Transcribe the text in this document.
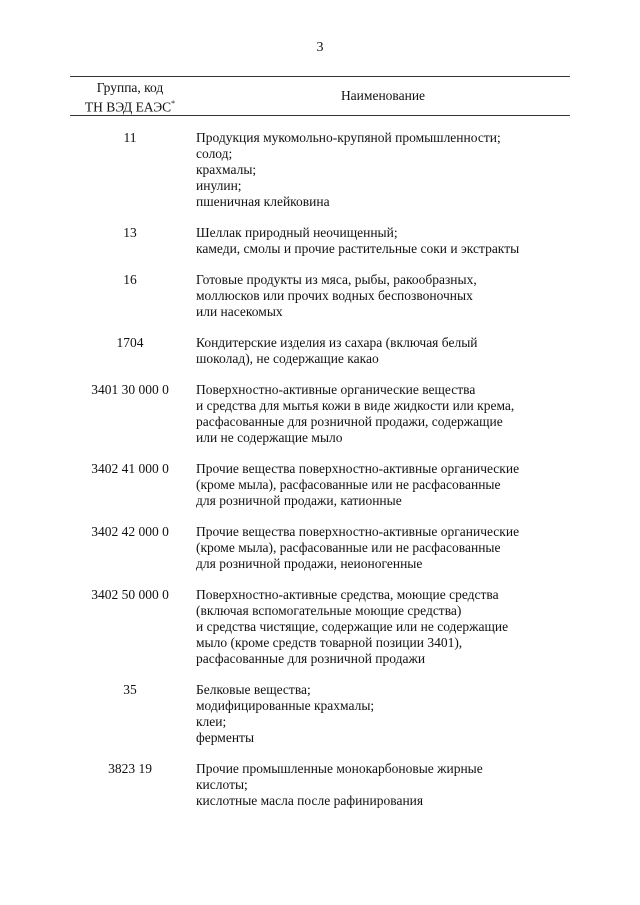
3
Группа, код
ТН ВЭД ЕАЭС*
Наименование
11	Продукция мукомольно-крупяной промышленности;
солод;
крахмалы;
инулин;
пшеничная клейковина
13	Шеллак природный неочищенный;
камеди, смолы и прочие растительные соки и экстракты
16	Готовые продукты из мяса, рыбы, ракообразных,
моллюсков или прочих водных беспозвоночных
или насекомых
1704	Кондитерские изделия из сахара (включая белый
шоколад), не содержащие какао
3401 30 000 0	Поверхностно-активные органические вещества
и средства для мытья кожи в виде жидкости или крема,
расфасованные для розничной продажи, содержащие
или не содержащие мыло
3402 41 000 0	Прочие вещества поверхностно-активные органические
(кроме мыла), расфасованные или не расфасованные
для розничной продажи, катионные
3402 42 000 0	Прочие вещества поверхностно-активные органические
(кроме мыла), расфасованные или не расфасованные
для розничной продажи, неионогенные
3402 50 000 0	Поверхностно-активные средства, моющие средства
(включая вспомогательные моющие средства)
и средства чистящие, содержащие или не содержащие
мыло (кроме средств товарной позиции 3401),
расфасованные для розничной продажи
35	Белковые вещества;
модифицированные крахмалы;
клеи;
ферменты
3823 19	Прочие промышленные монокарбоновые жирные
кислоты;
кислотные масла после рафинирования
